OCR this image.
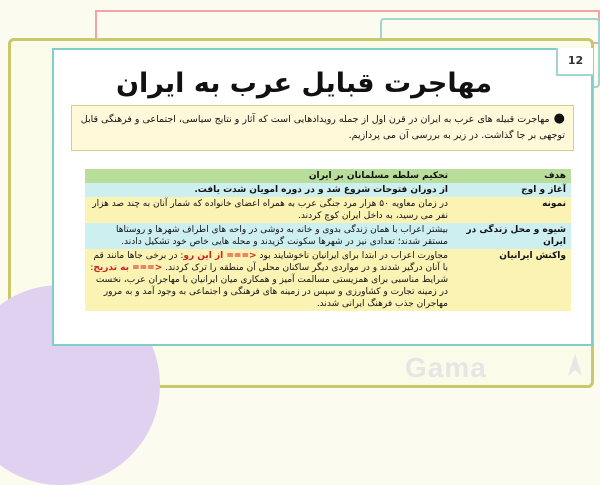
12
مهاجرت قبایل عرب به ایران
●مهاجرت قبیله های عرب به ایران در قرن اول از جمله رویدادهایی است که آثار و نتایج سیاسی، اجتماعی و فرهنگی قابل توجهی بر جا گذاشت. در زیر به بررسی آن می پردازیم.
هدف	تحکیم سلطه مسلمانان بر ایران
آغاز و اوج	از دوران فتوحات شروع شد و در دوره امویان شدت یافت.
نمونه	در زمان معاویه ۵۰ هزار مرد جنگی عرب به همراه اعضای خانواده که شمار آنان به چند صد هزار نفر می رسید، به داخل ایران کوچ کردند.
شیوه و محل زندگی در ایران	بیشتر اعراب با همان زندگی بدوی و خانه به دوشی در واحه های اطراف شهرها و روستاها مستقر شدند؛ تعدادی نیز در شهرها سکونت گزیدند و محله هایی خاص خود تشکیل دادند.
واکنش ایرانیان	مجاورت اعراب در ابتدا برای ایرانیان ناخوشایند بود <=== از این رو: در برخی جاها مانند قم با آنان درگیر شدند و در مواردی دیگر ساکنان محلی آن منطقه را ترک کردند. <=== به تدریج: شرایط مناسبی برای همزیستی مسالمت آمیز و همکاری میان ایرانیان با مهاجران عرب، نخست در زمینه تجارت و کشاورزی و سپس در زمینه های فرهنگی و اجتماعی به وجود آمد و به مرور مهاجران جذب فرهنگ ایرانی شدند.
Gama
